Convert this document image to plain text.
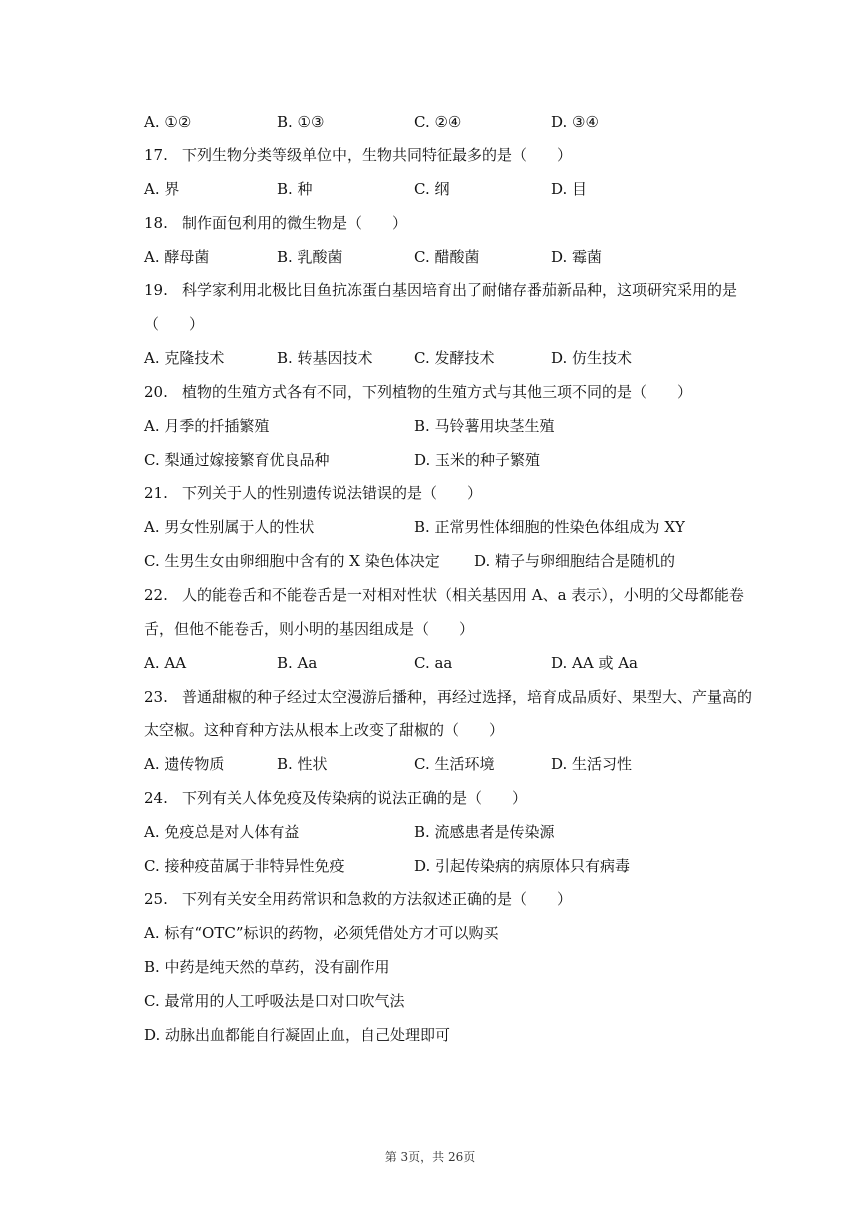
A. ①②	B. ①③	C. ②④	D. ③④
17. 下列生物分类等级单位中，生物共同特征最多的是（　　）
A. 界	B. 种	C. 纲	D. 目
18. 制作面包利用的微生物是（　　）
A. 酵母菌	B. 乳酸菌	C. 醋酸菌	D. 霉菌
19. 科学家利用北极比目鱼抗冻蛋白基因培育出了耐储存番茄新品种，这项研究采用的是
（　　）
A. 克隆技术	B. 转基因技术	C. 发酵技术	D. 仿生技术
20. 植物的生殖方式各有不同，下列植物的生殖方式与其他三项不同的是（　　）
A. 月季的扦插繁殖	B. 马铃薯用块茎生殖
C. 梨通过嫁接繁育优良品种	D. 玉米的种子繁殖
21. 下列关于人的性别遗传说法错误的是（　　）
A. 男女性别属于人的性状	B. 正常男性体细胞的性染色体组成为 XY
C. 生男生女由卵细胞中含有的 X 染色体决定 D. 精子与卵细胞结合是随机的
22. 人的能卷舌和不能卷舌是一对相对性状（相关基因用 A、a 表示），小明的父母都能卷
舌，但他不能卷舌，则小明的基因组成是（　　）
A. AA	B. Aa	C. aa	D. AA 或 Aa
23. 普通甜椒的种子经过太空漫游后播种，再经过选择，培育成品质好、果型大、产量高的
太空椒。这种育种方法从根本上改变了甜椒的（　　）
A. 遗传物质	B. 性状	C. 生活环境	D. 生活习性
24. 下列有关人体免疫及传染病的说法正确的是（　　）
A. 免疫总是对人体有益	B. 流感患者是传染源
C. 接种疫苗属于非特异性免疫	D. 引起传染病的病原体只有病毒
25. 下列有关安全用药常识和急救的方法叙述正确的是（　　）
A. 标有“OTC”标识的药物，必须凭借处方才可以购买
B. 中药是纯天然的草药，没有副作用
C. 最常用的人工呼吸法是口对口吹气法
D. 动脉出血都能自行凝固止血，自己处理即可
第 3页，共 26页
